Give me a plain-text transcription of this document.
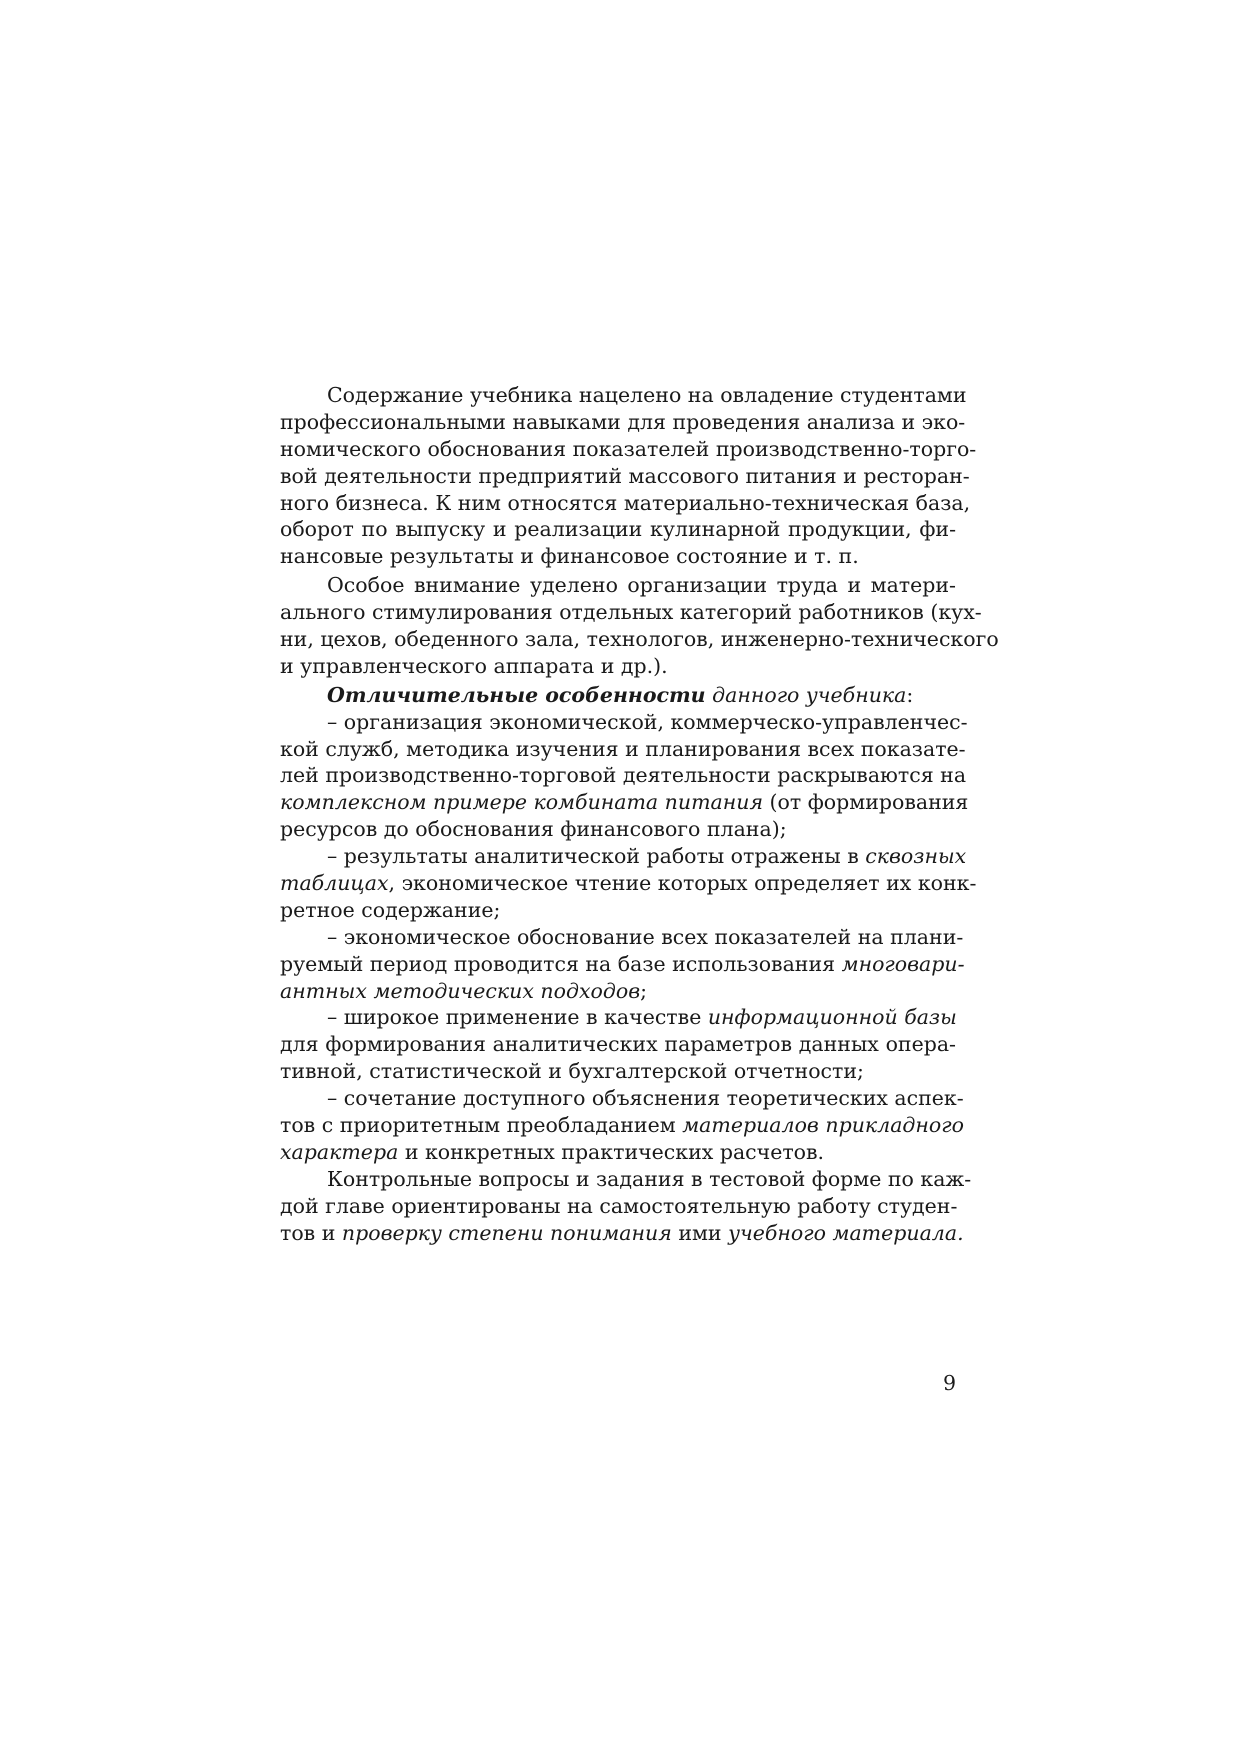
Содержание учебника нацелено на овладение студентами
профессиональными навыками для проведения анализа и эко-
номического обоснования показателей производственно-торго-
вой деятельности предприятий массового питания и ресторан-
ного бизнеса. К ним относятся материально-техническая база,
оборот по выпуску и реализации кулинарной продукции, фи-
нансовые результаты и финансовое состояние и т. п.
Особое внимание уделено организации труда и матери-
ального стимулирования отдельных категорий работников (кух-
ни, цехов, обеденного зала, технологов, инженерно-технического
и управленческого аппарата и др.).
Отличительные особенности данного учебника:
– организация экономической, коммерческо-управленчес-
кой служб, методика изучения и планирования всех показате-
лей производственно-торговой деятельности раскрываются на
комплексном примере комбината питания (от формирования
ресурсов до обоснования финансового плана);
– результаты аналитической работы отражены в сквозных
таблицах, экономическое чтение которых определяет их конк-
ретное содержание;
– экономическое обоснование всех показателей на плани-
руемый период проводится на базе использования многовари-
антных методических подходов;
– широкое применение в качестве информационной базы
для формирования аналитических параметров данных опера-
тивной, статистической и бухгалтерской отчетности;
– сочетание доступного объяснения теоретических аспек-
тов с приоритетным преобладанием материалов прикладного
характера и конкретных практических расчетов.
Контрольные вопросы и задания в тестовой форме по каж-
дой главе ориентированы на самостоятельную работу студен-
тов и проверку степени понимания ими учебного материала.
9
